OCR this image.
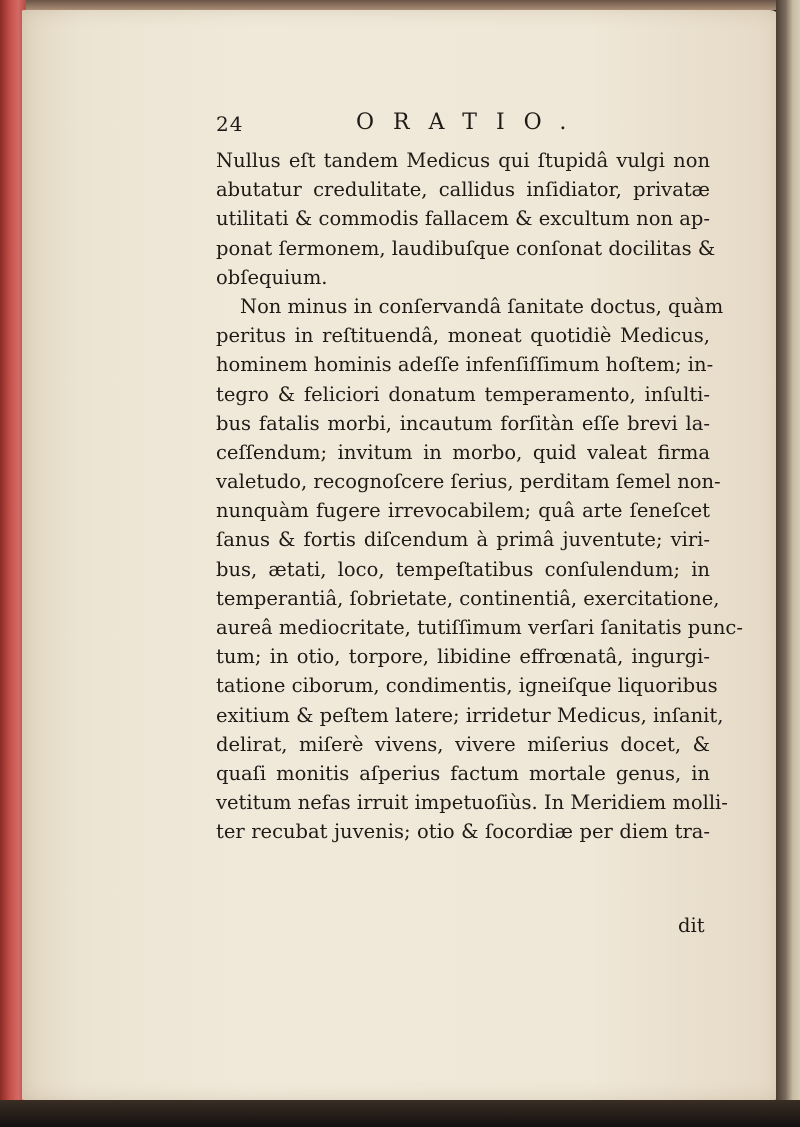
24	ORATIO.
Nullus eſt tandem Medicus qui ſtupidâ vulgi non
abutatur credulitate, callidus inſidiator, privatæ
utilitati & commodis fallacem & excultum non ap-
ponat ſermonem, laudibuſque conſonat docilitas &
obſequium.
Non minus in conſervandâ ſanitate doctus, quàm
peritus in reſtituendâ, moneat quotidiè Medicus,
hominem hominis adeſſe infenſiſſimum hoſtem; in-
tegro & feliciori donatum temperamento, inſulti-
bus fatalis morbi, incautum forſitàn eſſe brevi la-
ceſſendum; invitum in morbo, quid valeat firma
valetudo, recognoſcere ſerius, perditam ſemel non-
nunquàm fugere irrevocabilem; quâ arte ſeneſcet
ſanus & fortis diſcendum à primâ juventute; viri-
bus, ætati, loco, tempeſtatibus conſulendum; in
temperantiâ, ſobrietate, continentiâ, exercitatione,
aureâ mediocritate, tutiſſimum verſari ſanitatis punc-
tum; in otio, torpore, libidine effrœnatâ, ingurgi-
tatione ciborum, condimentis, igneiſque liquoribus
exitium & peſtem latere; irridetur Medicus, inſanit,
delirat, miſerè vivens, vivere miſerius docet, &
quaſi monitis aſperius factum mortale genus, in
vetitum nefas irruit impetuoſiùs. In Meridiem molli-
ter recubat juvenis; otio & ſocordiæ per diem tra-
dit
